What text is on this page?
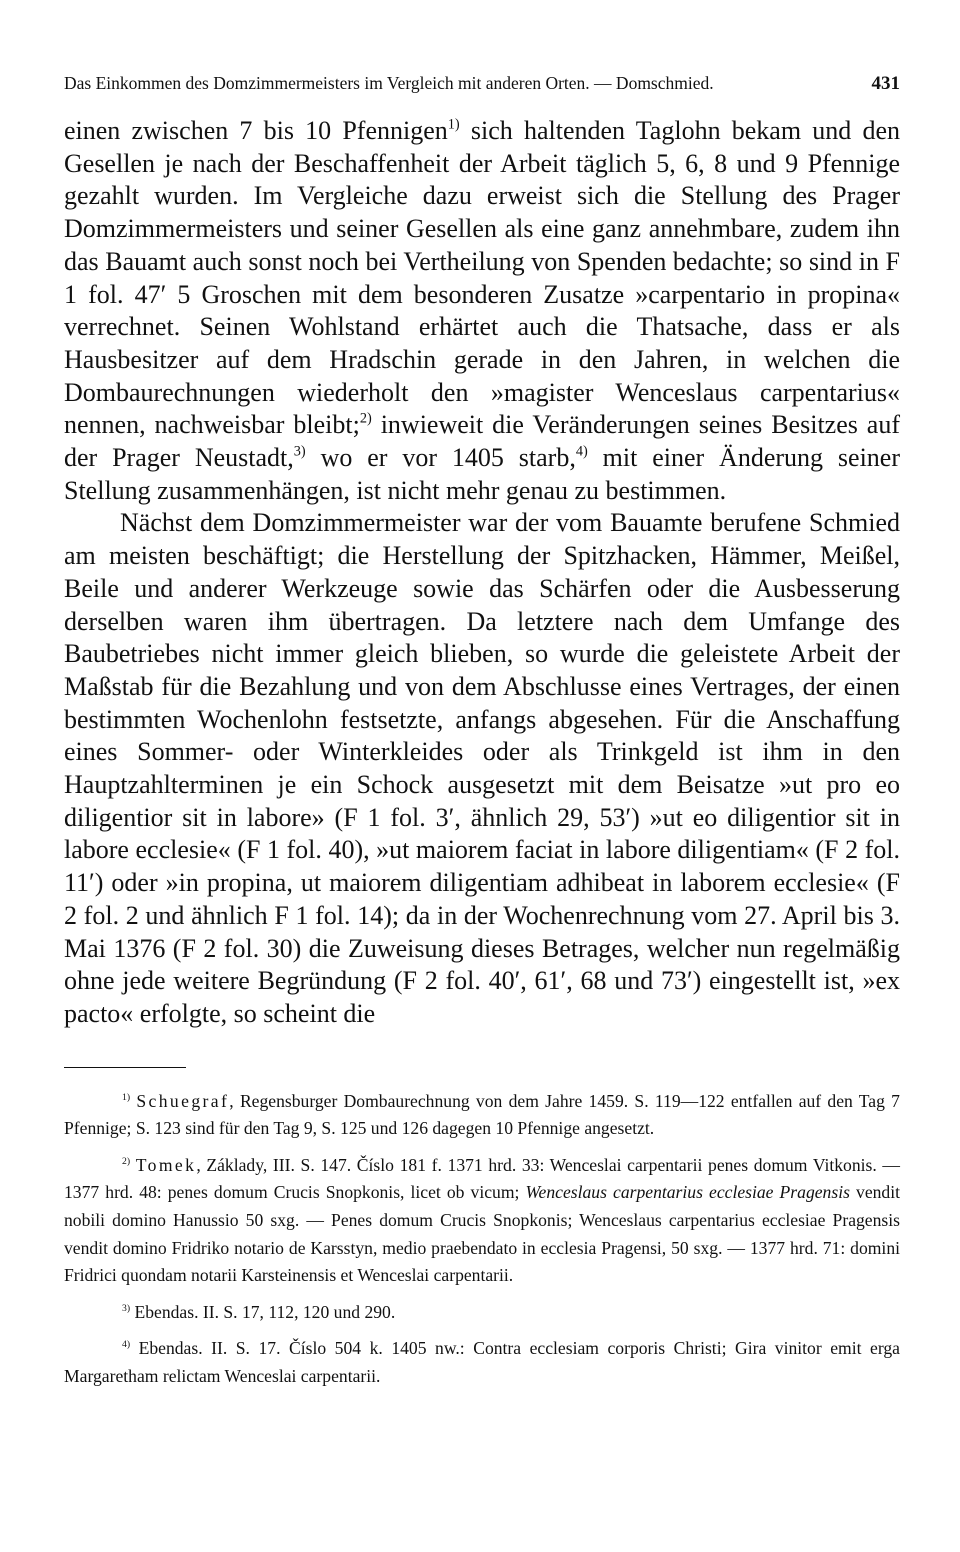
Das Einkommen des Domzimmermeisters im Vergleich mit anderen Orten. — Domschmied.	431

einen zwischen 7 bis 10 Pfennigen$^{1)}$ sich haltenden Taglohn bekam und den Gesellen je nach der Beschaffenheit der Arbeit täglich 5, 6, 8 und 9 Pfennige gezahlt wurden. Im Vergleiche dazu erweist sich die Stellung des Prager Domzimmermeisters und seiner Gesellen als eine ganz annehmbare, zudem ihn das Bauamt auch sonst noch bei Vertheilung von Spenden bedachte; so sind in F 1 fol. 47′ 5 Groschen mit dem besonderen Zusatze »carpentario in propina« verrechnet. Seinen Wohlstand erhärtet auch die Thatsache, dass er als Hausbesitzer auf dem Hradschin gerade in den Jahren, in welchen die Dombaurechnungen wiederholt den »magister Wenceslaus carpentarius« nennen, nachweisbar bleibt;$^{2)}$ inwieweit die Veränderungen seines Besitzes auf der Prager Neustadt,$^{3)}$ wo er vor 1405 starb,$^{4)}$ mit einer Änderung seiner Stellung zusammenhängen, ist nicht mehr genau zu bestimmen.

Nächst dem Domzimmermeister war der vom Bauamte berufene Schmied am meisten beschäftigt; die Herstellung der Spitzhacken, Hämmer, Meißel, Beile und anderer Werkzeuge sowie das Schärfen oder die Ausbesserung derselben waren ihm übertragen. Da letztere nach dem Umfange des Baubetriebes nicht immer gleich blieben, so wurde die geleistete Arbeit der Maßstab für die Bezahlung und von dem Abschlusse eines Vertrages, der einen bestimmten Wochenlohn festsetzte, anfangs abgesehen. Für die Anschaffung eines Sommer- oder Winterkleides oder als Trinkgeld ist ihm in den Hauptzahlterminen je ein Schock ausgesetzt mit dem Beisatze »ut pro eo diligentior sit in labore» (F 1 fol. 3′, ähnlich 29, 53′) »ut eo diligentior sit in labore ecclesie« (F 1 fol. 40), »ut maiorem faciat in labore diligentiam« (F 2 fol. 11′) oder »in propina, ut maiorem diligentiam adhibeat in laborem ecclesie« (F 2 fol. 2 und ähnlich F 1 fol. 14); da in der Wochenrechnung vom 27. April bis 3. Mai 1376 (F 2 fol. 30) die Zuweisung dieses Betrages, welcher nun regelmäßig ohne jede weitere Begründung (F 2 fol. 40′, 61′, 68 und 73′) eingestellt ist, »ex pacto« erfolgte, so scheint die

$^{1)}$ Schuegraf, Regensburger Dombaurechnung von dem Jahre 1459. S. 119—122 entfallen auf den Tag 7 Pfennige; S. 123 sind für den Tag 9, S. 125 und 126 dagegen 10 Pfennige angesetzt.

$^{2)}$ Tomek, Základy, III. S. 147. Číslo 181 f. 1371 hrd. 33: Wenceslai carpentarii penes domum Vitkonis. — 1377 hrd. 48: penes domum Crucis Snopkonis, licet ob vicum; Wenceslaus carpentarius ecclesiae Pragensis vendit nobili domino Hanussio 50 sxg. — Penes domum Crucis Snopkonis; Wenceslaus carpentarius ecclesiae Pragensis vendit domino Fridriko notario de Karsstyn, medio praebendato in ecclesia Pragensi, 50 sxg. — 1377 hrd. 71: domini Fridrici quondam notarii Karsteinensis et Wenceslai carpentarii.

$^{3)}$ Ebendas. II. S. 17, 112, 120 und 290.

$^{4)}$ Ebendas. II. S. 17. Číslo 504 k. 1405 nw.: Contra ecclesiam corporis Christi; Gira vinitor emit erga Margaretham relictam Wenceslai carpentarii.
